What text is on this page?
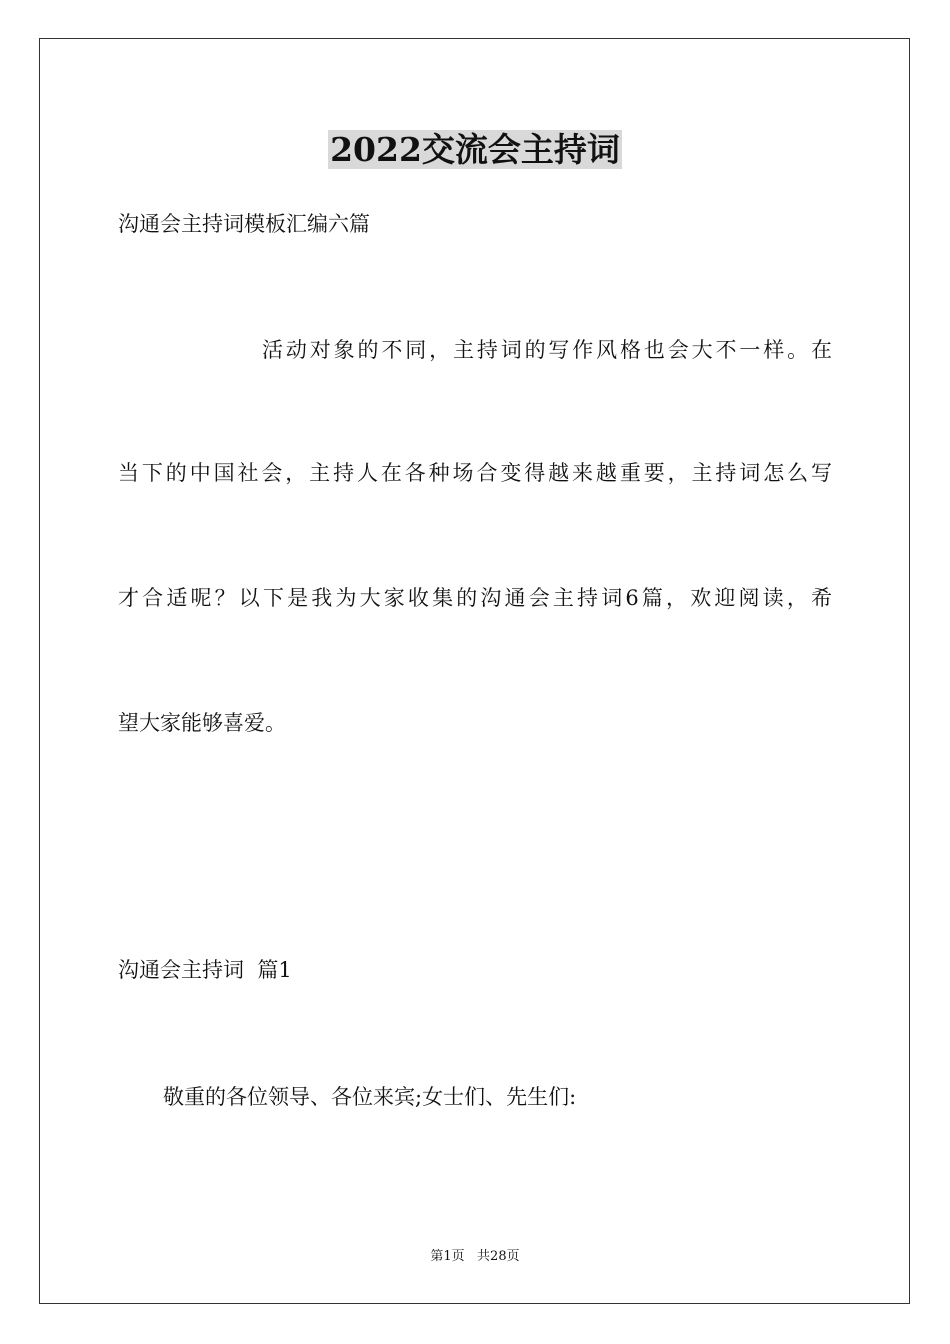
2022交流会主持词
沟通会主持词模板汇编六篇
活动对象的不同，主持词的写作风格也会大不一样。在
当下的中国社会，主持人在各种场合变得越来越重要，主持词怎么写
才合适呢？以下是我为大家收集的沟通会主持词6篇，欢迎阅读，希
望大家能够喜爱。
沟通会主持词  篇1
敬重的各位领导、各位来宾;女士们、先生们:
第1页   共28页
